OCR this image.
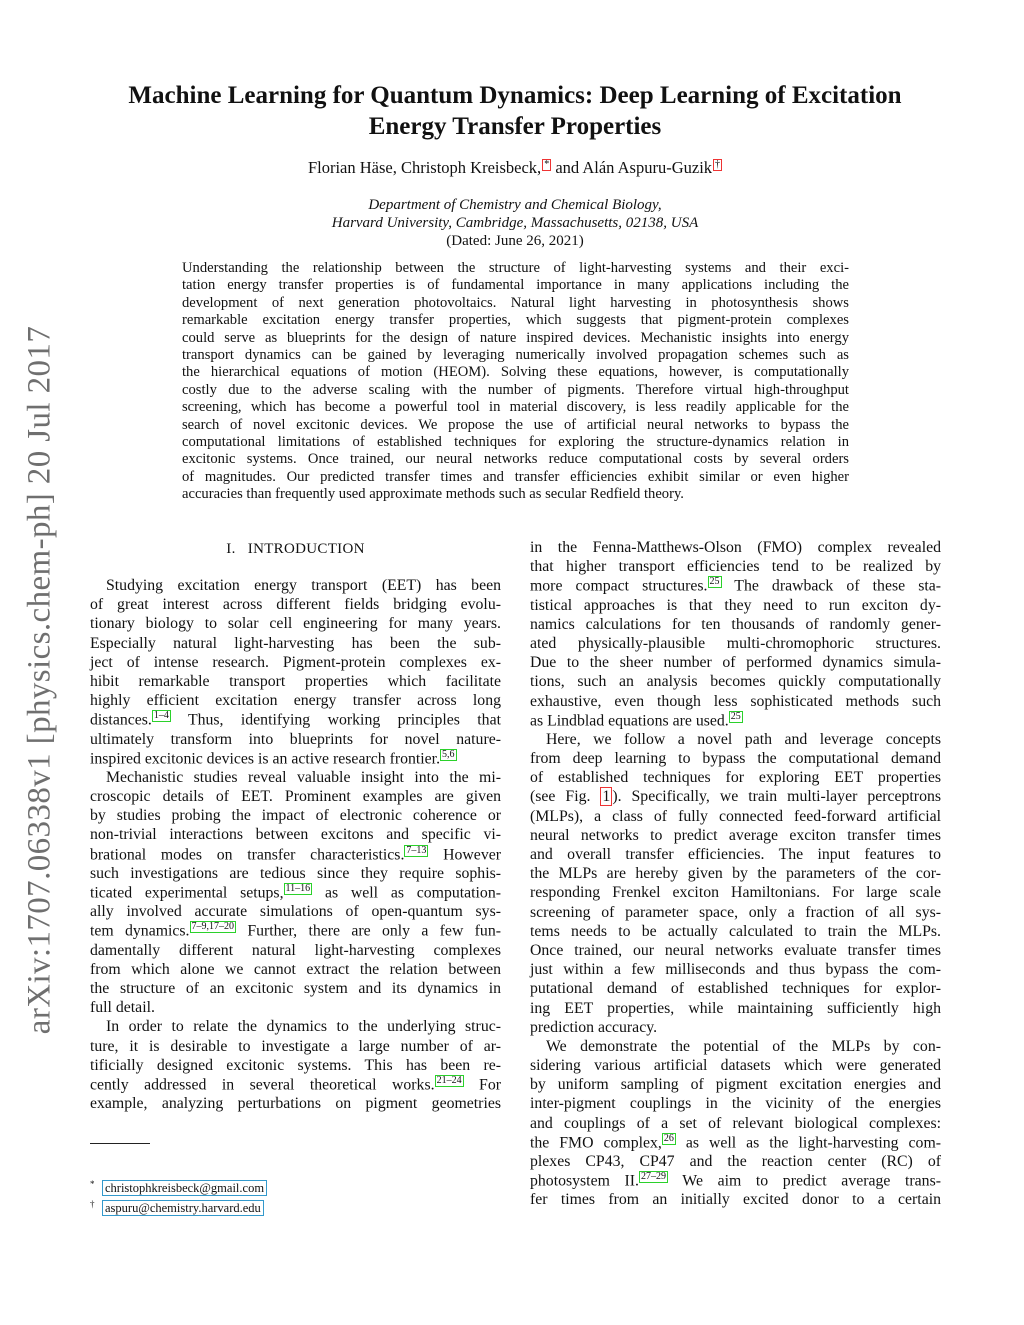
arXiv:1707.06338v1 [physics.chem-ph] 20 Jul 2017
Machine Learning for Quantum Dynamics: Deep Learning of Excitation
Energy Transfer Properties
Florian Häse, Christoph Kreisbeck, * and Alán Aspuru-Guzik †
Department of Chemistry and Chemical Biology,
Harvard University, Cambridge, Massachusetts, 02138, USA
(Dated: June 26, 2021)
Understanding the relationship between the structure of light-harvesting systems and their exci-
tation energy transfer properties is of fundamental importance in many applications including the
development of next generation photovoltaics. Natural light harvesting in photosynthesis shows
remarkable excitation energy transfer properties, which suggests that pigment-protein complexes
could serve as blueprints for the design of nature inspired devices. Mechanistic insights into energy
transport dynamics can be gained by leveraging numerically involved propagation schemes such as
the hierarchical equations of motion (HEOM). Solving these equations, however, is computationally
costly due to the adverse scaling with the number of pigments. Therefore virtual high-throughput
screening, which has become a powerful tool in material discovery, is less readily applicable for the
search of novel excitonic devices. We propose the use of artificial neural networks to bypass the
computational limitations of established techniques for exploring the structure-dynamics relation in
excitonic systems. Once trained, our neural networks reduce computational costs by several orders
of magnitudes. Our predicted transfer times and transfer efficiencies exhibit similar or even higher
accuracies than frequently used approximate methods such as secular Redfield theory.
I. INTRODUCTION
Studying excitation energy transport (EET) has been
of great interest across different fields bridging evolu-
tionary biology to solar cell engineering for many years.
Especially natural light-harvesting has been the sub-
ject of intense research. Pigment-protein complexes ex-
hibit remarkable transport properties which facilitate
highly efficient excitation energy transfer across long
distances. 1–4 Thus, identifying working principles that
ultimately transform into blueprints for novel nature-
inspired excitonic devices is an active research frontier. 5,6
Mechanistic studies reveal valuable insight into the mi-
croscopic details of EET. Prominent examples are given
by studies probing the impact of electronic coherence or
non-trivial interactions between excitons and specific vi-
brational modes on transfer characteristics. 7–13 However
such investigations are tedious since they require sophis-
ticated experimental setups, 11–16 as well as computation-
ally involved accurate simulations of open-quantum sys-
tem dynamics. 7–9,17–20 Further, there are only a few fun-
damentally different natural light-harvesting complexes
from which alone we cannot extract the relation between
the structure of an excitonic system and its dynamics in
full detail.
In order to relate the dynamics to the underlying struc-
ture, it is desirable to investigate a large number of ar-
tificially designed excitonic systems. This has been re-
cently addressed in several theoretical works. 21–24 For
example, analyzing perturbations on pigment geometries
in the Fenna-Matthews-Olson (FMO) complex revealed
that higher transport efficiencies tend to be realized by
more compact structures. 25 The drawback of these sta-
tistical approaches is that they need to run exciton dy-
namics calculations for ten thousands of randomly gener-
ated physically-plausible multi-chromophoric structures.
Due to the sheer number of performed dynamics simula-
tions, such an analysis becomes quickly computationally
exhaustive, even though less sophisticated methods such
as Lindblad equations are used. 25
Here, we follow a novel path and leverage concepts
from deep learning to bypass the computational demand
of established techniques for exploring EET properties
(see Fig. 1 ). Specifically, we train multi-layer perceptrons
(MLPs), a class of fully connected feed-forward artificial
neural networks to predict average exciton transfer times
and overall transfer efficiencies. The input features to
the MLPs are hereby given by the parameters of the cor-
responding Frenkel exciton Hamiltonians. For large scale
screening of parameter space, only a fraction of all sys-
tems needs to be actually calculated to train the MLPs.
Once trained, our neural networks evaluate transfer times
just within a few milliseconds and thus bypass the com-
putational demand of established techniques for explor-
ing EET properties, while maintaining sufficiently high
prediction accuracy.
We demonstrate the potential of the MLPs by con-
sidering various artificial datasets which were generated
by uniform sampling of pigment excitation energies and
inter-pigment couplings in the vicinity of the energies
and couplings of a set of relevant biological complexes:
the FMO complex, 26 as well as the light-harvesting com-
plexes CP43, CP47 and the reaction center (RC) of
photosystem II. 27–29 We aim to predict average trans-
fer times from an initially excited donor to a certain
* christophkreisbeck@gmail.com
† aspuru@chemistry.harvard.edu
